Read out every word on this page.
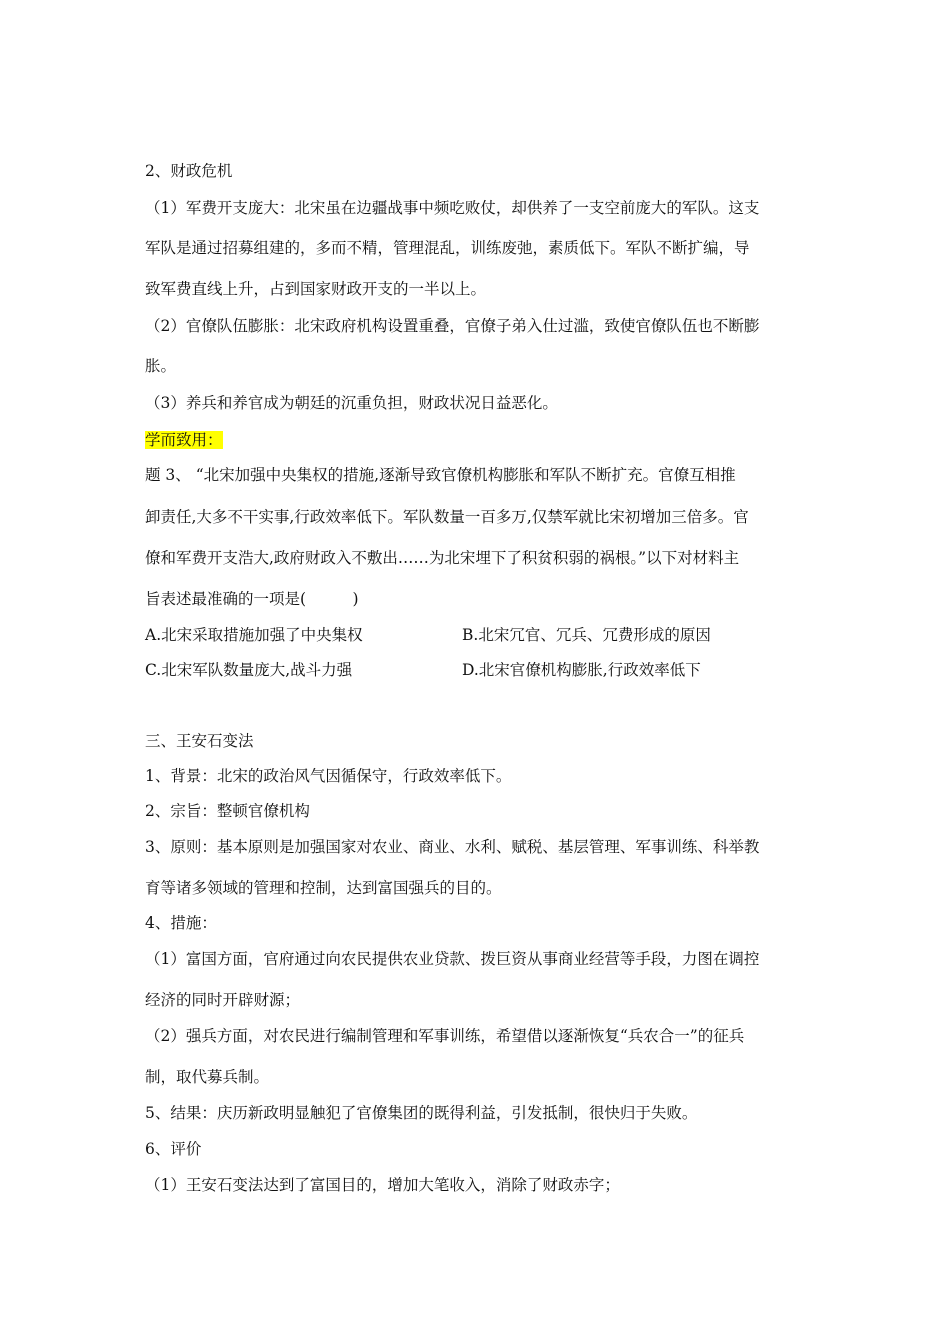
2、财政危机
（1）军费开支庞大：北宋虽在边疆战事中频吃败仗，却供养了一支空前庞大的军队。这支
军队是通过招募组建的，多而不精，管理混乱，训练废弛，素质低下。军队不断扩编，导
致军费直线上升，占到国家财政开支的一半以上。
（2）官僚队伍膨胀：北宋政府机构设置重叠，官僚子弟入仕过滥，致使官僚队伍也不断膨
胀。
（3）养兵和养官成为朝廷的沉重负担，财政状况日益恶化。
学而致用：
题 3、 “北宋加强中央集权的措施,逐渐导致官僚机构膨胀和军队不断扩充。官僚互相推
卸责任,大多不干实事,行政效率低下。军队数量一百多万,仅禁军就比宋初增加三倍多。官
僚和军费开支浩大,政府财政入不敷出……为北宋埋下了积贫积弱的祸根。”以下对材料主
旨表述最准确的一项是(　　　)
A.北宋采取措施加强了中央集权	B.北宋冗官、冗兵、冗费形成的原因
C.北宋军队数量庞大,战斗力强	D.北宋官僚机构膨胀,行政效率低下
三、王安石变法
1、背景：北宋的政治风气因循保守，行政效率低下。
2、宗旨：整顿官僚机构
3、原则：基本原则是加强国家对农业、商业、水利、赋税、基层管理、军事训练、科举教
育等诸多领域的管理和控制，达到富国强兵的目的。
4、措施：
（1）富国方面，官府通过向农民提供农业贷款、拨巨资从事商业经营等手段，力图在调控
经济的同时开辟财源；
（2）强兵方面，对农民进行编制管理和军事训练，希望借以逐渐恢复“兵农合一”的征兵
制，取代募兵制。
5、结果：庆历新政明显触犯了官僚集团的既得利益，引发抵制，很快归于失败。
6、评价
（1）王安石变法达到了富国目的，增加大笔收入，消除了财政赤字；
